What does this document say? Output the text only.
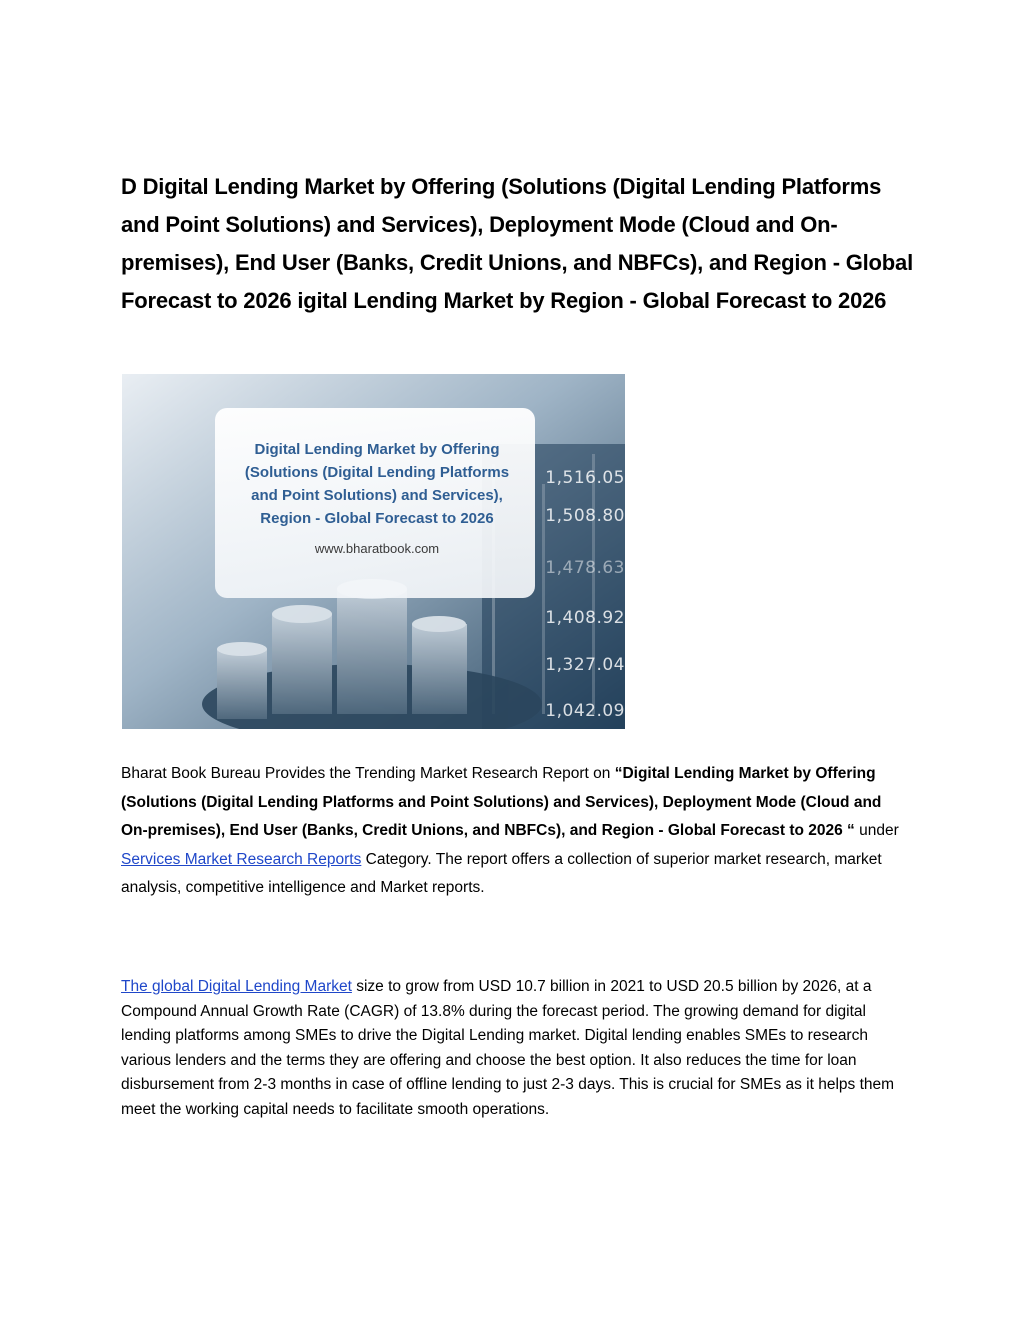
D Digital Lending Market by Offering (Solutions (Digital Lending Platforms and Point Solutions) and Services), Deployment Mode (Cloud and On-premises), End User (Banks, Credit Unions, and NBFCs), and Region - Global Forecast to 2026 igital Lending Market by Region - Global Forecast to 2026
Digital Lending Market by Offering
(Solutions (Digital Lending Platforms
and Point Solutions) and Services),
Region - Global Forecast to 2026
www.bharatbook.com
1,516.05
1,508.80
1,478.63
1,408.92
1,327.04
1,042.09

Bharat Book Bureau Provides the Trending Market Research Report on “Digital Lending Market by Offering (Solutions (Digital Lending Platforms and Point Solutions) and Services), Deployment Mode (Cloud and On-premises), End User (Banks, Credit Unions, and NBFCs), and Region - Global Forecast to 2026 “ under Services Market Research Reports Category. The report offers a collection of superior market research, market analysis, competitive intelligence and Market reports.

The global Digital Lending Market size to grow from USD 10.7 billion in 2021 to USD 20.5 billion by 2026, at a Compound Annual Growth Rate (CAGR) of 13.8% during the forecast period. The growing demand for digital lending platforms among SMEs to drive the Digital Lending market. Digital lending enables SMEs to research various lenders and the terms they are offering and choose the best option. It also reduces the time for loan disbursement from 2-3 months in case of offline lending to just 2-3 days. This is crucial for SMEs as it helps them meet the working capital needs to facilitate smooth operations.
